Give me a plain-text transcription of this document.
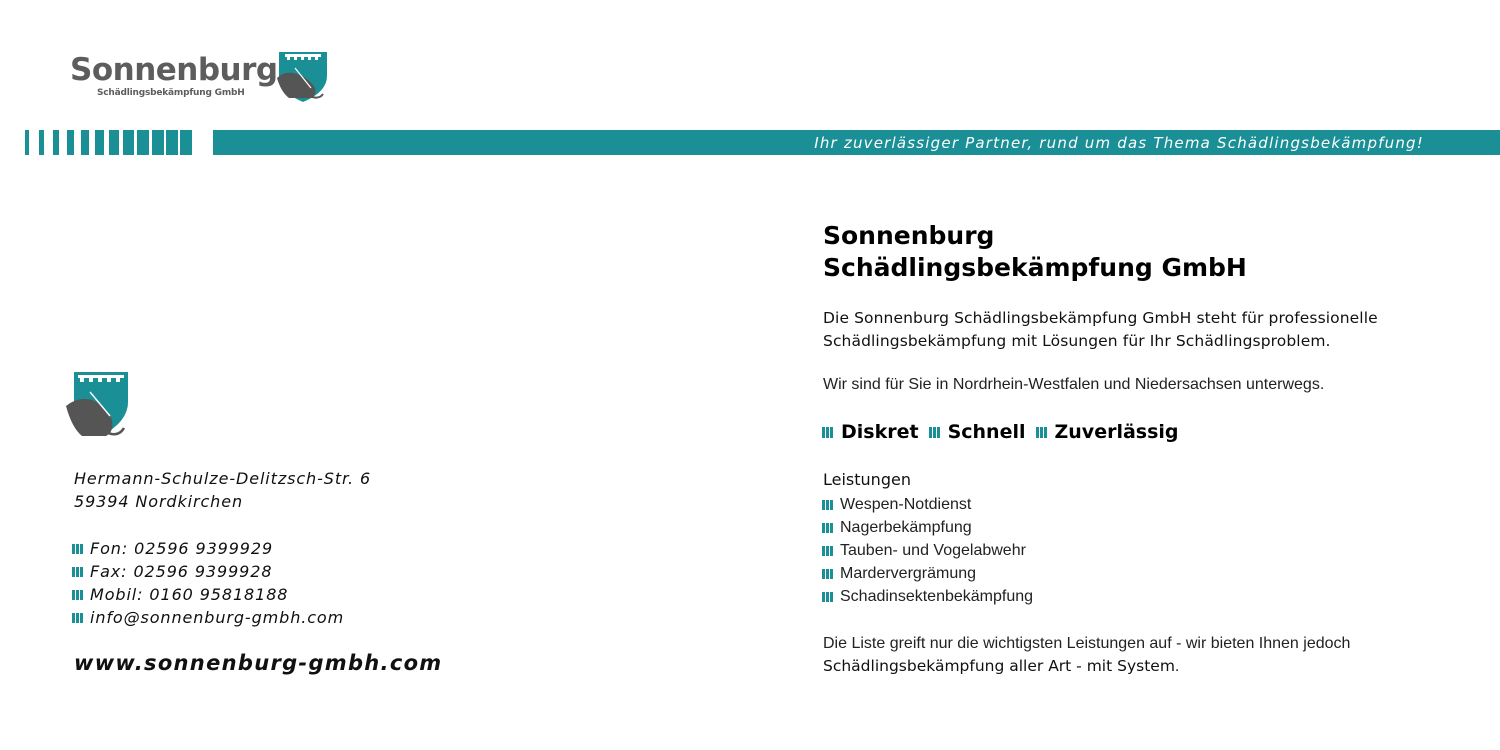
Sonnenburg
Schädlingsbekämpfung GmbH
Ihr zuverlässiger Partner, rund um das Thema Schädlingsbekämpfung!
Hermann-Schulze-Delitzsch-Str. 6
59394 Nordkirchen
Fon: 02596 9399929
Fax: 02596 9399928
Mobil: 0160 95818188
info@sonnenburg-gmbh.com
www.sonnenburg-gmbh.com
Sonnenburg
Schädlingsbekämpfung GmbH
Die Sonnenburg Schädlingsbekämpfung GmbH steht für professionelle
Schädlingsbekämpfung mit Lösungen für Ihr Schädlingsproblem.
Wir sind für Sie in Nordrhein-Westfalen und Niedersachsen unterwegs.
Diskret Schnell Zuverlässig
Leistungen
Wespen-Notdienst
Nagerbekämpfung
Tauben- und Vogelabwehr
Mardervergrämung
Schadinsektenbekämpfung
Die Liste greift nur die wichtigsten Leistungen auf - wir bieten Ihnen jedoch
Schädlingsbekämpfung aller Art - mit System.
